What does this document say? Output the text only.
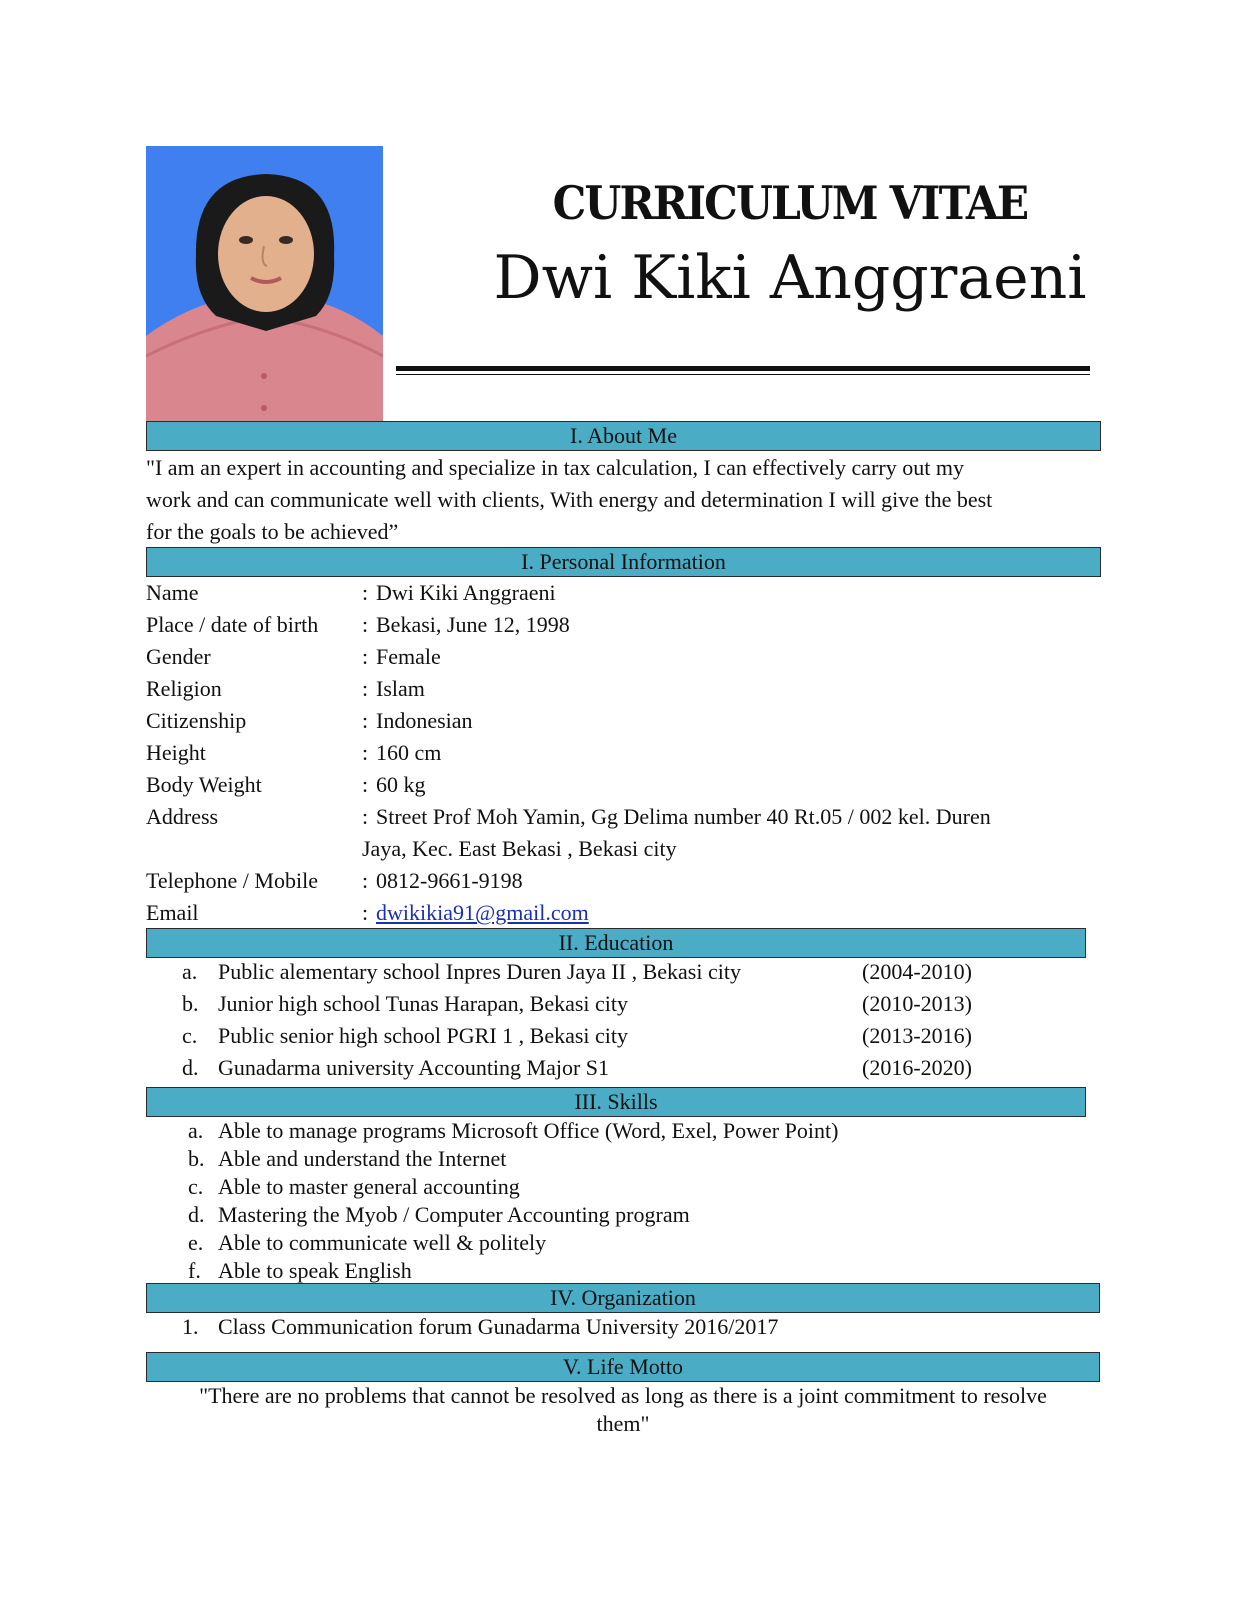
CURRICULUM VITAE
Dwi Kiki Anggraeni
I. About Me
"I am an expert in accounting and specialize in tax calculation, I can effectively carry out my
work and can communicate well with clients, With energy and determination I will give the best
for the goals to be achieved”
I. Personal Information
Name	: Dwi Kiki Anggraeni
Place / date of birth : Bekasi, June 12, 1998
Gender	: Female
Religion	: Islam
Citizenship	: Indonesian
Height	: 160 cm
Body Weight	: 60 kg
Address	: Street Prof Moh Yamin, Gg Delima number 40 Rt.05 / 002 kel. Duren
Jaya, Kec. East Bekasi , Bekasi city
Telephone / Mobile : 0812-9661-9198
Email	: dwikikia91@gmail.com
II. Education
a. Public alementary school Inpres Duren Jaya II , Bekasi city	(2004-2010)
b. Junior high school Tunas Harapan, Bekasi city	(2010-2013)
c. Public senior high school PGRI 1 , Bekasi city	(2013-2016)
d. Gunadarma university Accounting Major S1	(2016-2020)
III. Skills
a. Able to manage programs Microsoft Office (Word, Exel, Power Point)
b. Able and understand the Internet
c. Able to master general accounting
d. Mastering the Myob / Computer Accounting program
e. Able to communicate well & politely
f. Able to speak English
IV. Organization
1. Class Communication forum Gunadarma University 2016/2017
V. Life Motto
"There are no problems that cannot be resolved as long as there is a joint commitment to resolve
them"
